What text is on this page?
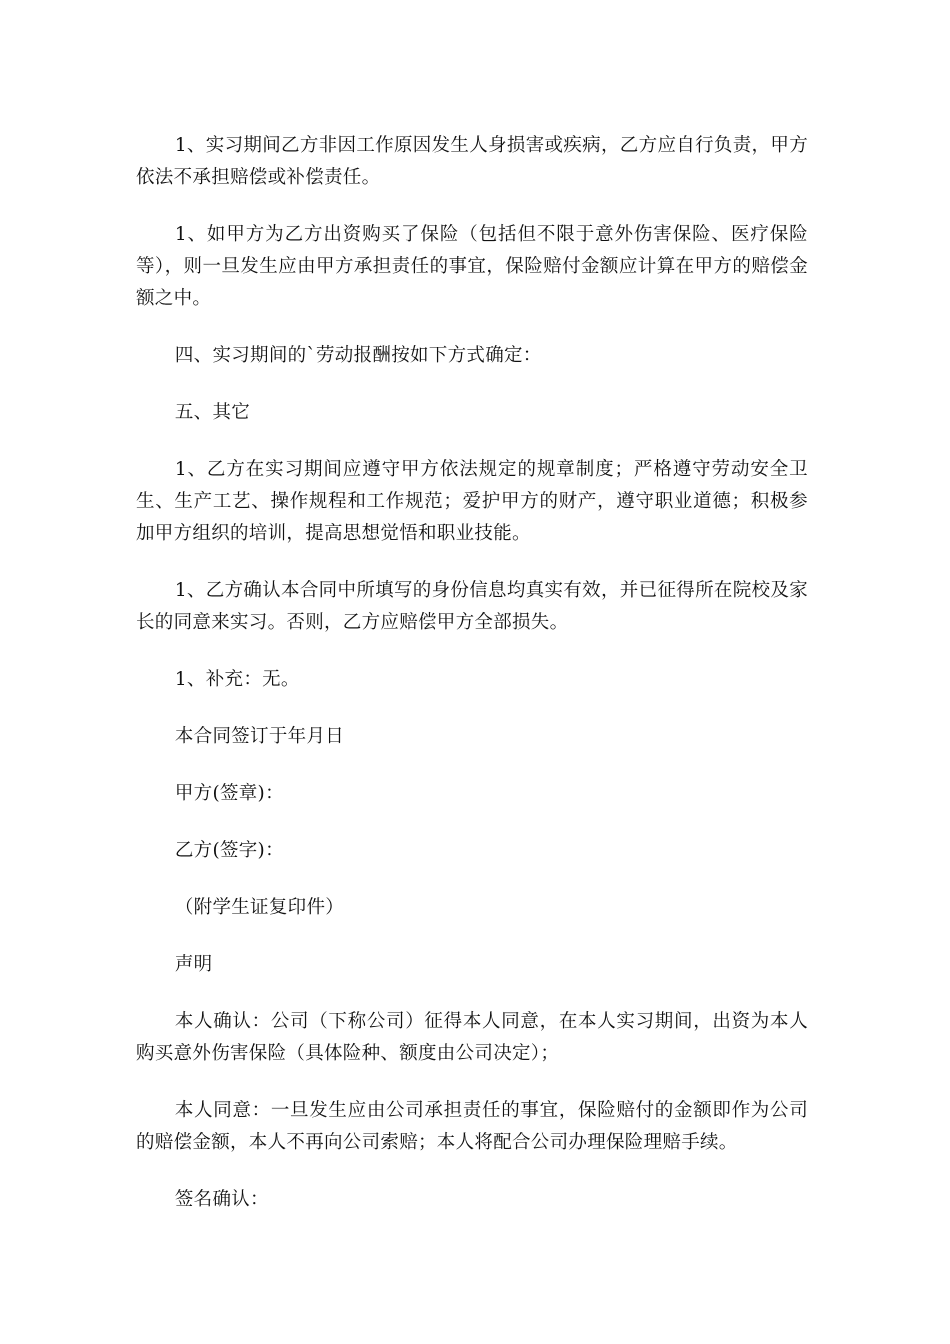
1、实习期间乙方非因工作原因发生人身损害或疾病，乙方应自行负责，甲方依法不承担赔偿或补偿责任。

1、如甲方为乙方出资购买了保险（包括但不限于意外伤害保险、医疗保险等），则一旦发生应由甲方承担责任的事宜，保险赔付金额应计算在甲方的赔偿金额之中。

四、实习期间的`劳动报酬按如下方式确定：

五、其它

1、乙方在实习期间应遵守甲方依法规定的规章制度；严格遵守劳动安全卫生、生产工艺、操作规程和工作规范；爱护甲方的财产，遵守职业道德；积极参加甲方组织的培训，提高思想觉悟和职业技能。

1、乙方确认本合同中所填写的身份信息均真实有效，并已征得所在院校及家长的同意来实习。否则，乙方应赔偿甲方全部损失。

1、补充：无。

本合同签订于年月日

甲方(签章)：

乙方(签字)：

（附学生证复印件）

声明

本人确认：公司（下称公司）征得本人同意，在本人实习期间，出资为本人购买意外伤害保险（具体险种、额度由公司决定）；

本人同意：一旦发生应由公司承担责任的事宜，保险赔付的金额即作为公司的赔偿金额，本人不再向公司索赔；本人将配合公司办理保险理赔手续。

签名确认：
